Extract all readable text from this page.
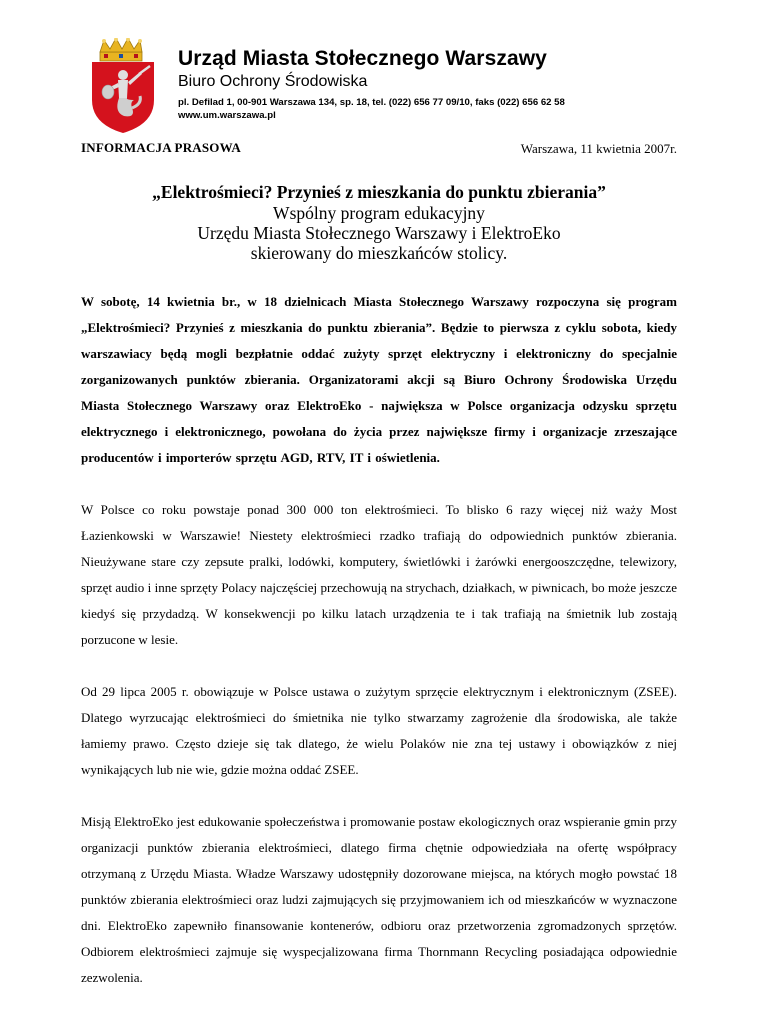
Urząd Miasta Stołecznego Warszawy
Biuro Ochrony Środowiska
pl. Defilad 1, 00-901 Warszawa 134, sp. 18, tel. (022) 656 77 09/10, faks (022) 656 62 58
www.um.warszawa.pl
INFORMACJA PRASOWA	Warszawa, 11 kwietnia 2007r.
„Elektrośmieci? Przynieś z mieszkania do punktu zbierania”
Wspólny program edukacyjny
Urzędu Miasta Stołecznego Warszawy i ElektroEko
skierowany do mieszkańców stolicy.

W sobotę, 14 kwietnia br., w 18 dzielnicach Miasta Stołecznego Warszawy rozpoczyna się program „Elektrośmieci? Przynieś z mieszkania do punktu zbierania”. Będzie to pierwsza z cyklu sobota, kiedy warszawiacy będą mogli bezpłatnie oddać zużyty sprzęt elektryczny i elektroniczny do specjalnie zorganizowanych punktów zbierania. Organizatorami akcji są Biuro Ochrony Środowiska Urzędu Miasta Stołecznego Warszawy oraz ElektroEko - największa w Polsce organizacja odzysku sprzętu elektrycznego i elektronicznego, powołana do życia przez największe firmy i organizacje zrzeszające producentów i importerów sprzętu AGD, RTV, IT i oświetlenia.

W Polsce co roku powstaje ponad 300 000 ton elektrośmieci. To blisko 6 razy więcej niż waży Most Łazienkowski w Warszawie! Niestety elektrośmieci rzadko trafiają do odpowiednich punktów zbierania. Nieużywane stare czy zepsute pralki, lodówki, komputery, świetlówki i żarówki energooszczędne, telewizory, sprzęt audio i inne sprzęty Polacy najczęściej przechowują na strychach, działkach, w piwnicach, bo może jeszcze kiedyś się przydadzą. W konsekwencji po kilku latach urządzenia te i tak trafiają na śmietnik lub zostają porzucone w lesie.

Od 29 lipca 2005 r. obowiązuje w Polsce ustawa o zużytym sprzęcie elektrycznym i elektronicznym (ZSEE). Dlatego wyrzucając elektrośmieci do śmietnika nie tylko stwarzamy zagrożenie dla środowiska, ale także łamiemy prawo. Często dzieje się tak dlatego, że wielu Polaków nie zna tej ustawy i obowiązków z niej wynikających lub nie wie, gdzie można oddać ZSEE.

Misją ElektroEko jest edukowanie społeczeństwa i promowanie postaw ekologicznych oraz wspieranie gmin przy organizacji punktów zbierania elektrośmieci, dlatego firma chętnie odpowiedziała na ofertę współpracy otrzymaną z Urzędu Miasta. Władze Warszawy udostępniły dozorowane miejsca, na których mogło powstać 18 punktów zbierania elektrośmieci oraz ludzi zajmujących się przyjmowaniem ich od mieszkańców w wyznaczone dni. ElektroEko zapewniło finansowanie kontenerów, odbioru oraz przetworzenia zgromadzonych sprzętów. Odbiorem elektrośmieci zajmuje się wyspecjalizowana firma Thornmann Recycling posiadająca odpowiednie zezwolenia.
